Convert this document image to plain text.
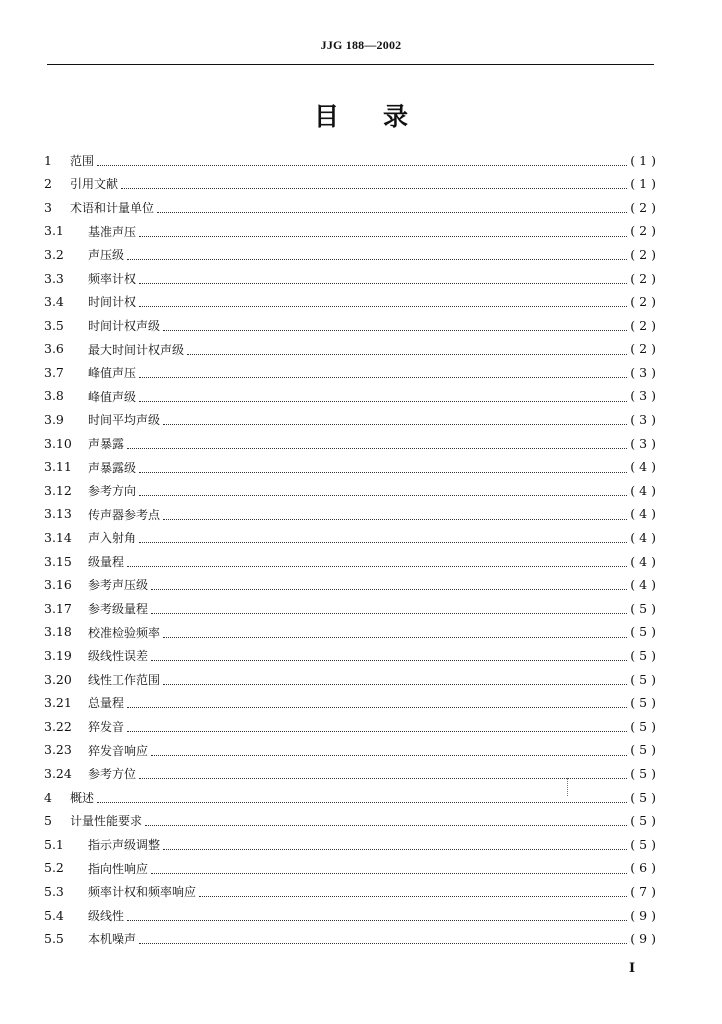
JJG 188—2002
目 录
1	范围	(1)
2	引用文献	(1)
3	术语和计量单位	(2)
3.1	基准声压	(2)
3.2	声压级	(2)
3.3	频率计权	(2)
3.4	时间计权	(2)
3.5	时间计权声级	(2)
3.6	最大时间计权声级	(2)
3.7	峰值声压	(3)
3.8	峰值声级	(3)
3.9	时间平均声级	(3)
3.10	声暴露	(3)
3.11	声暴露级	(4)
3.12	参考方向	(4)
3.13	传声器参考点	(4)
3.14	声入射角	(4)
3.15	级量程	(4)
3.16	参考声压级	(4)
3.17	参考级量程	(5)
3.18	校准检验频率	(5)
3.19	级线性误差	(5)
3.20	线性工作范围	(5)
3.21	总量程	(5)
3.22	猝发音	(5)
3.23	猝发音响应	(5)
3.24	参考方位	(5)
4	概述	(5)
5	计量性能要求	(5)
5.1	指示声级调整	(5)
5.2	指向性响应	(6)
5.3	频率计权和频率响应	(7)
5.4	级线性	(9)
5.5	本机噪声	(9)
I
